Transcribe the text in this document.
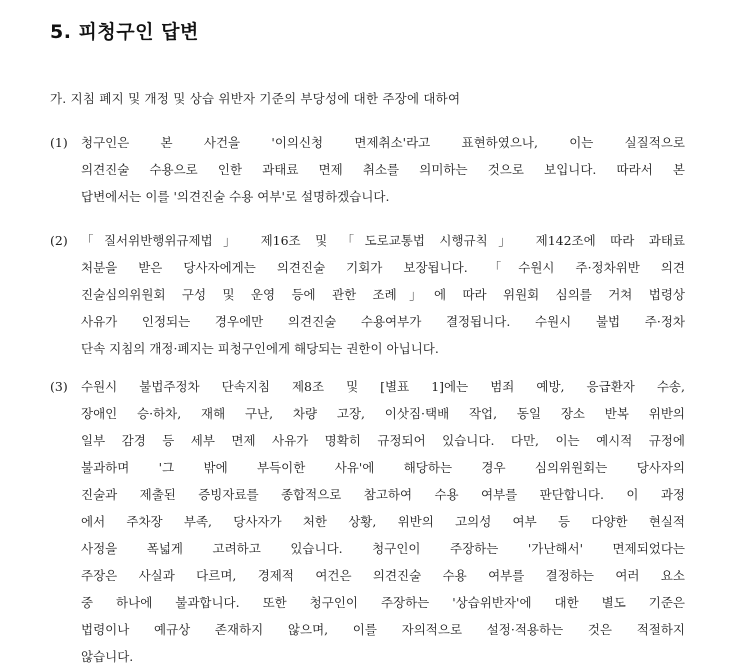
5. 피청구인 답변
가. 지침 폐지 및 개정 및 상습 위반자 기준의 부당성에 대한 주장에 대하여
(1) 청구인은 본 사건을 '이의신청 면제취소'라고 표현하였으나, 이는 실질적으로
의견진술 수용으로 인한 과태료 면제 취소를 의미하는 것으로 보입니다. 따라서 본
답변에서는 이를 '의견진술 수용 여부'로 설명하겠습니다.
(2) 「질서위반행위규제법」 제16조 및 「도로교통법 시행규칙」 제142조에 따라 과태료
처분을 받은 당사자에게는 의견진술 기회가 보장됩니다. 「수원시 주·정차위반 의견
진술심의위원회 구성 및 운영 등에 관한 조례」에 따라 위원회 심의를 거쳐 법령상
사유가 인정되는 경우에만 의견진술 수용여부가 결정됩니다. 수원시 불법 주·정차
단속 지침의 개정·폐지는 피청구인에게 해당되는 권한이 아닙니다.
(3) 수원시 불법주정차 단속지침 제8조 및 [별표 1]에는 범죄 예방, 응급환자 수송,
장애인 승·하차, 재해 구난, 차량 고장, 이삿짐·택배 작업, 동일 장소 반복 위반의
일부 감경 등 세부 면제 사유가 명확히 규정되어 있습니다. 다만, 이는 예시적 규정에
불과하며 '그 밖에 부득이한 사유'에 해당하는 경우 심의위원회는 당사자의
진술과 제출된 증빙자료를 종합적으로 참고하여 수용 여부를 판단합니다. 이 과정
에서 주차장 부족, 당사자가 처한 상황, 위반의 고의성 여부 등 다양한 현실적
사정을 폭넓게 고려하고 있습니다. 청구인이 주장하는 '가난해서' 면제되었다는
주장은 사실과 다르며, 경제적 여건은 의견진술 수용 여부를 결정하는 여러 요소
중 하나에 불과합니다. 또한 청구인이 주장하는 '상습위반자'에 대한 별도 기준은
법령이나 예규상 존재하지 않으며, 이를 자의적으로 설정·적용하는 것은 적절하지
않습니다.
